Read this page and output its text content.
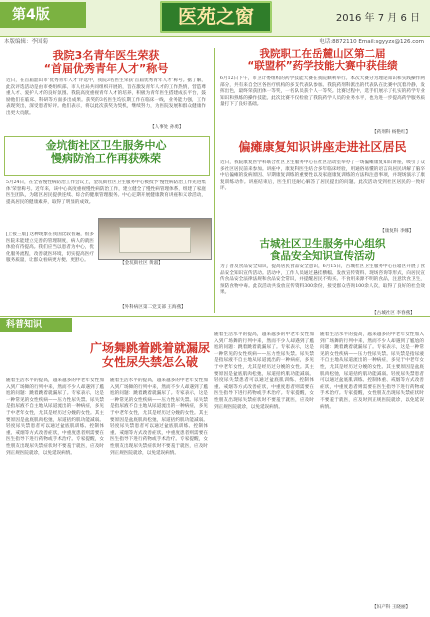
第4版	医苑之窗	2016 年 7 月 6 日
本版编辑：李国菊	电话:8872110 Email:sgyyzx@126.com
我院3名青年医生荣获
“首届优秀青年人才”称号
近日，在首届韶山市‘优秀青年人才’评选中，我院3名医生荣获‘首届优秀青年人才’称号。据了解，此次评选活动是由市委组织部、市人社局共同组织开展的，旨在激发青年人才的工作热情，营造尊重人才、爱护人才的良好氛围。我院高度重视青年人才的培养，积极为青年医生搭建成长平台，鼓励他们在临床、科研等方面多出成果。获奖的3名医生均长期工作在临床一线，业务能力强，工作表现突出，深受患者好评。他们表示，将以此次获奖为契机，继续努力，为医院发展和群众健康作出更大贡献。
【人事处 孙勇】
我院职工在岳麓山区第二届
“联盟杯”药学技能大赛中获佳绩
6月12日下午，市卫计委组织的药学技能大赛在我院顺利举行。本次大赛分为理论知识和实践操作两部分，共有来自全区各医疗机构的多支代表队参加。我院药剂科派出的代表队在比赛中沉着冷静，发挥出色，最终荣获团体一等奖，一名队员获个人一等奖。比赛过程中，选手们展示了扎实的药学专业知识和熟练的操作技能。此次比赛不仅检验了我院药学人员的业务水平，也为进一步提高药学服务质量打下了良好基础。
【药剂科 杨艳红】
金坑街社区卫生服务中心
慢病防治工作再获殊荣
5月24日，在全省慢性病防治工作会议上，金坑街社区卫生服务中心被授予‘慢性病防治工作先进集体’荣誉称号。近年来，该中心高度重视慢性病防治工作，建立健全了慢性病管理体系，组建了家庭医生团队，为辖区居民提供连续、综合的健康管理服务。中心定期开展健康教育讲座和义诊活动，提高居民的健康素养，取得了明显的成效。
【金坑街社区 黄淑】
[上接三版] 这种现象在我国比较普遍，很多医院未能建立完善的管理制度，病人的就医体验有待提高。我们应当以患者为中心，优化服务流程，改善就医环境，切实提高医疗服务质量，让群众看病更方便、更舒心。
【外科病区第二党支部 王海燕】
偏瘫康复知识讲座走进社区居民
近日，我院康复医学科联合社区卫生服务中心在社区活动室举办了一场偏瘫康复知识讲座，吸引了众多社区居民前来参加。讲座中，康复科医生结合多年临床经验，用通俗易懂的语言向居民讲解了脑卒中后偏瘫的发病原因、早期康复训练的重要性以及家庭康复训练的方法和注意事项，并现场演示了康复训练动作。讲座结束后，医生们还耐心解答了居民提出的问题。此次活动受到社区居民的一致好评。
【康复科 李娜】
古城社区卫生服务中心组织
食品安全知识宣传活动
为了普及食品安全知识，提高居民食品安全意识，6月15日，古城社区卫生服务中心在辖区开展了食品安全知识宣传活动。活动中，工作人员通过悬挂横幅、发放宣传资料、现场咨询等形式，向居民宣传食品安全法律法规和食品安全常识，并提醒居民不购买、不食用来源不明的食品，注意饮食卫生，预防食物中毒。此次活动共发放宣传资料300余份，接受群众咨询100余人次，取得了良好的社会效果。
【古城社区 李春燕】
科普知识
广场舞跳着跳着就漏尿
女性尿失禁怎么破
随着生活水平的提高，越来越多的中老年女性加入到广场舞的行列中来，然而不少人却遇到了尴尬的问题：跳着跳着就漏尿了。专家表示，这是一种常见的女性疾病——压力性尿失禁。尿失禁是指尿液不自主地从尿道流出的一种病症，多见于中老年女性，尤其是经历过分娩的女性。其主要原因是盆底肌肉松弛，尿道括约肌功能减弱。轻度尿失禁患者可以通过盆底肌训练、控制体重、戒烟等方式改善症状，中重度患者则需要在医生指导下进行药物或手术治疗。专家提醒，女性朋友出现尿失禁症状时不要羞于就医，应及时到正规医院就诊，以免延误病情。
随着生活水平的提高，越来越多的中老年女性加入到广场舞的行列中来，然而不少人却遇到了尴尬的问题：跳着跳着就漏尿了。专家表示，这是一种常见的女性疾病——压力性尿失禁。尿失禁是指尿液不自主地从尿道流出的一种病症，多见于中老年女性，尤其是经历过分娩的女性。其主要原因是盆底肌肉松弛，尿道括约肌功能减弱。轻度尿失禁患者可以通过盆底肌训练、控制体重、戒烟等方式改善症状，中重度患者则需要在医生指导下进行药物或手术治疗。专家提醒，女性朋友出现尿失禁症状时不要羞于就医，应及时到正规医院就诊，以免延误病情。
随着生活水平的提高，越来越多的中老年女性加入到广场舞的行列中来，然而不少人却遇到了尴尬的问题：跳着跳着就漏尿了。专家表示，这是一种常见的女性疾病——压力性尿失禁。尿失禁是指尿液不自主地从尿道流出的一种病症，多见于中老年女性，尤其是经历过分娩的女性。其主要原因是盆底肌肉松弛，尿道括约肌功能减弱。轻度尿失禁患者可以通过盆底肌训练、控制体重、戒烟等方式改善症状，中重度患者则需要在医生指导下进行药物或手术治疗。专家提醒，女性朋友出现尿失禁症状时不要羞于就医，应及时到正规医院就诊，以免延误病情。
随着生活水平的提高，越来越多的中老年女性加入到广场舞的行列中来，然而不少人却遇到了尴尬的问题：跳着跳着就漏尿了。专家表示，这是一种常见的女性疾病——压力性尿失禁。尿失禁是指尿液不自主地从尿道流出的一种病症，多见于中老年女性，尤其是经历过分娩的女性。其主要原因是盆底肌肉松弛，尿道括约肌功能减弱。轻度尿失禁患者可以通过盆底肌训练、控制体重、戒烟等方式改善症状，中重度患者则需要在医生指导下进行药物或手术治疗。专家提醒，女性朋友出现尿失禁症状时不要羞于就医，应及时到正规医院就诊，以免延误病情。
【妇产科 王晓丽】
